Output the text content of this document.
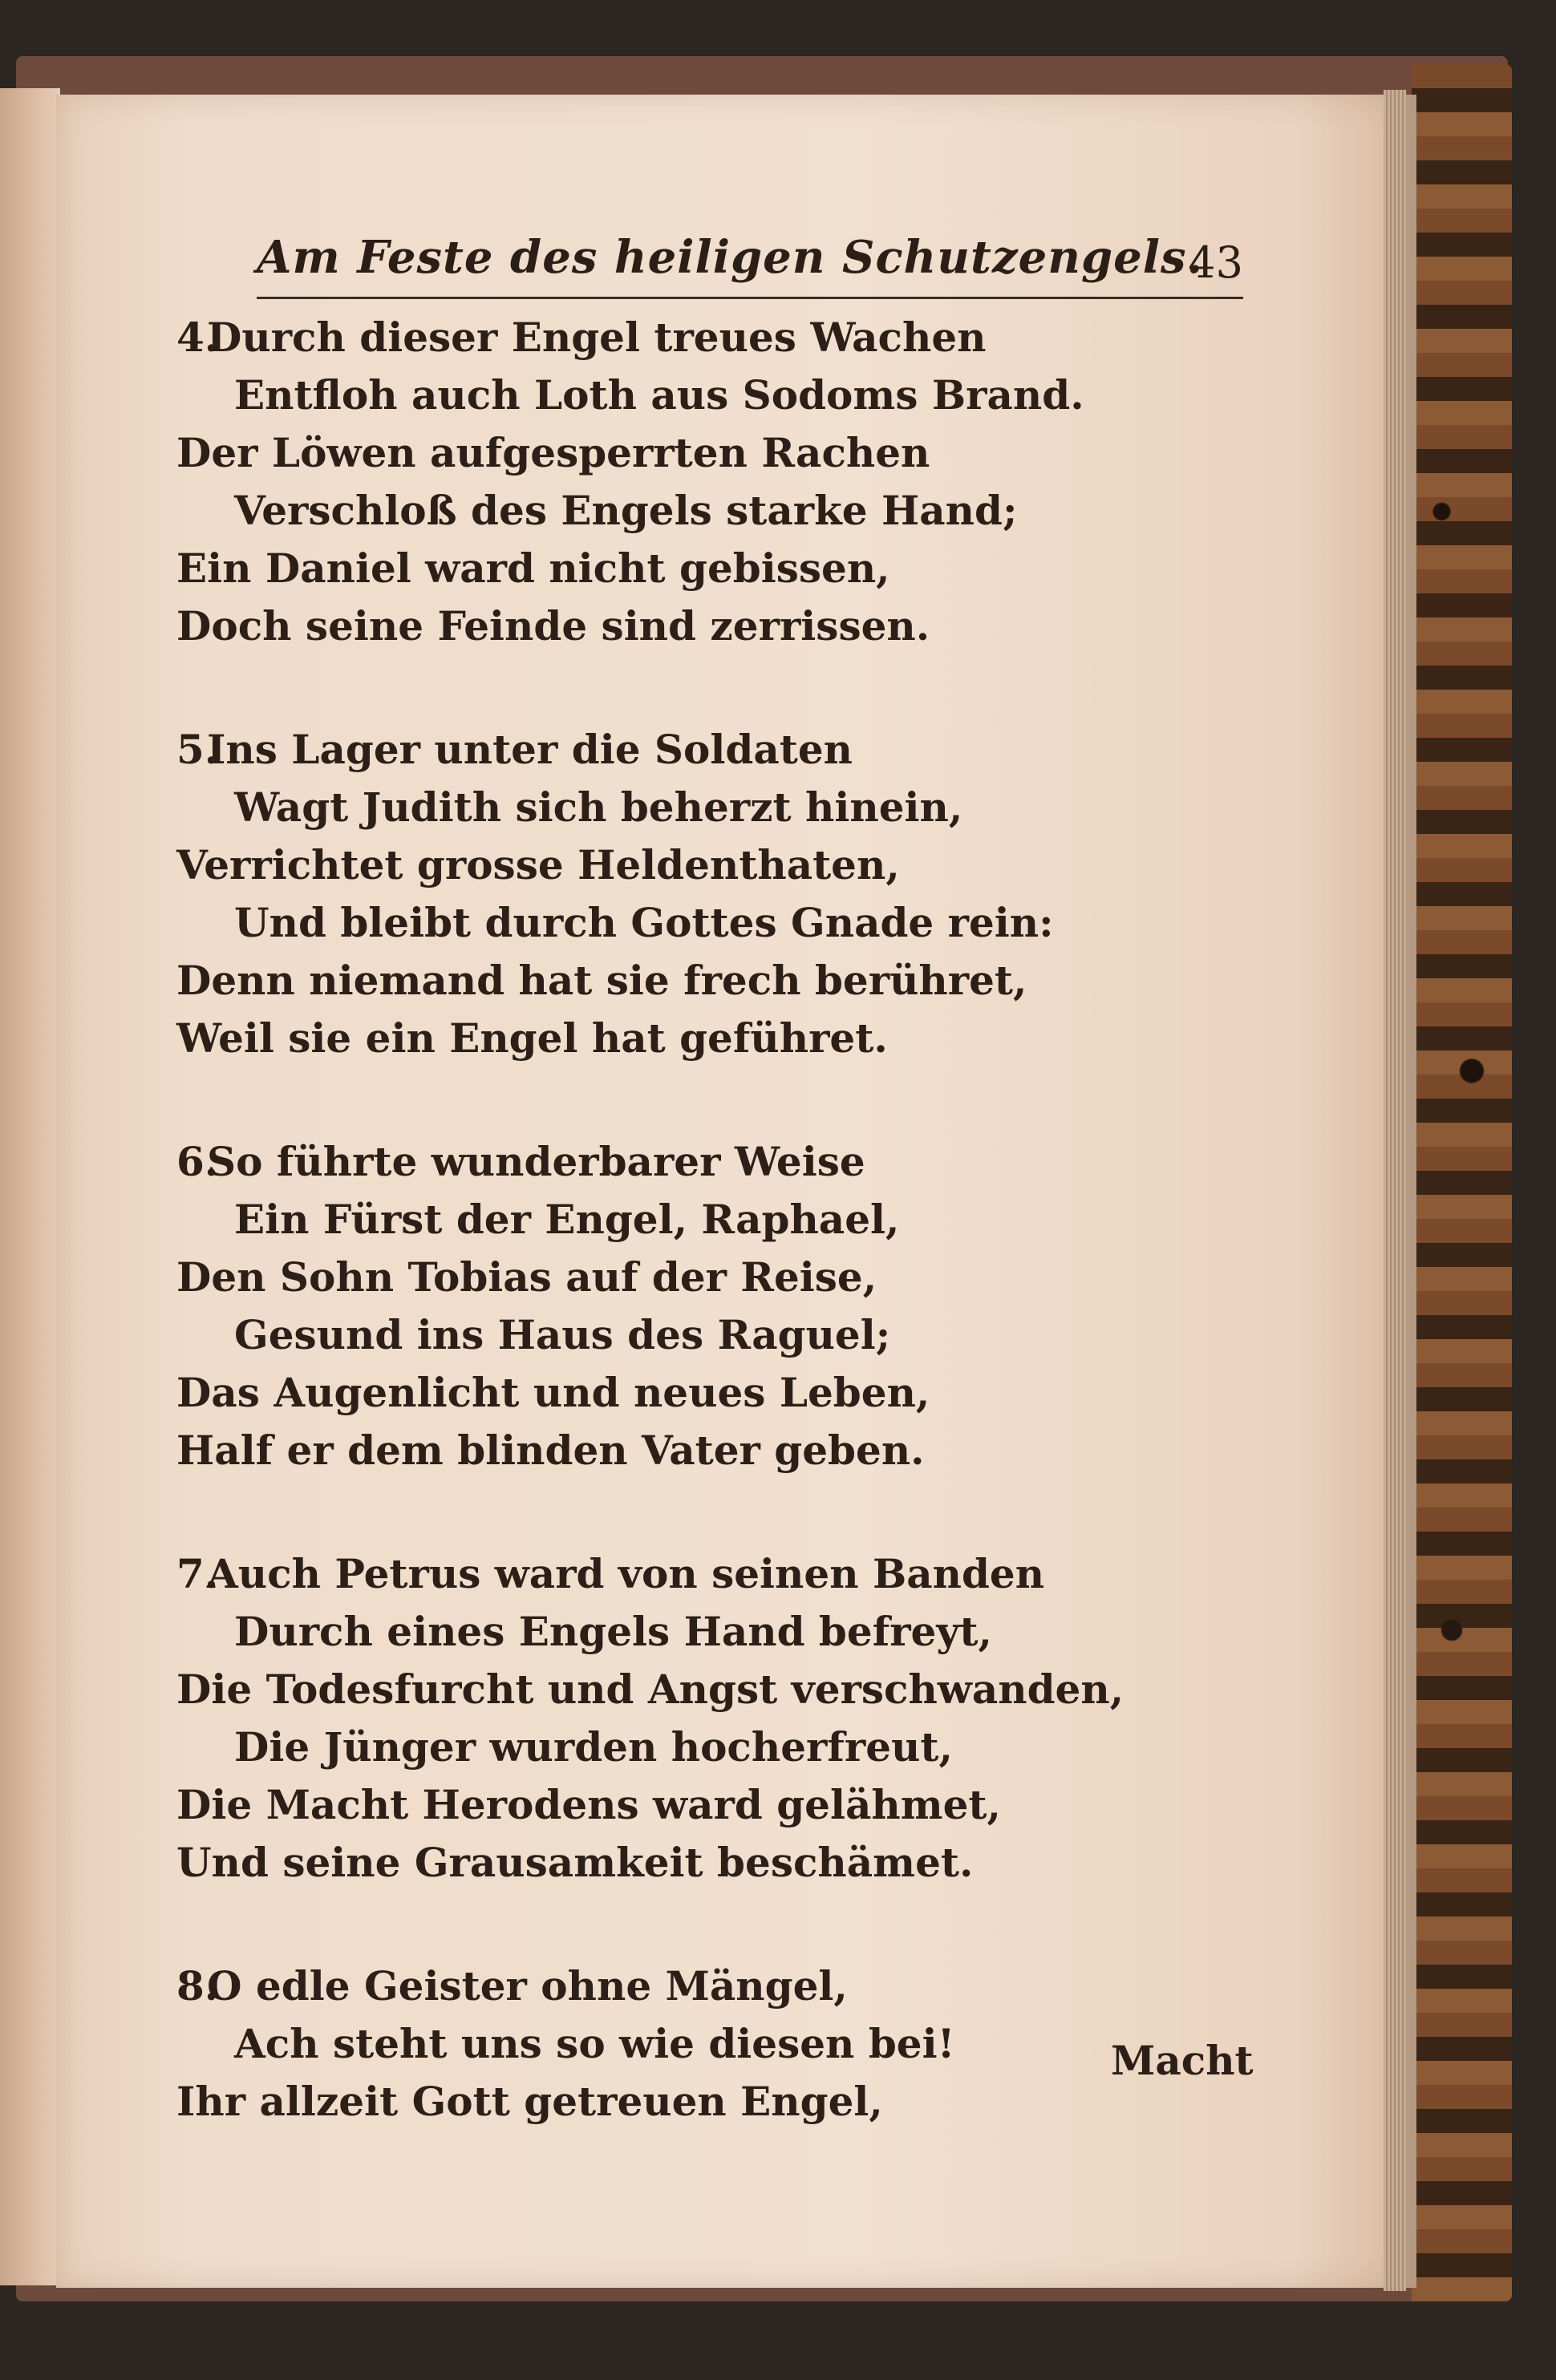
Am Feste des heiligen Schutzengels.
43
4.Durch dieser Engel treues Wachen
Entfloh auch Loth aus Sodoms Brand.
Der Löwen aufgesperrten Rachen
Verschloß des Engels starke Hand;
Ein Daniel ward nicht gebissen,
Doch seine Feinde sind zerrissen.
5.Ins Lager unter die Soldaten
Wagt Judith sich beherzt hinein,
Verrichtet grosse Heldenthaten,
Und bleibt durch Gottes Gnade rein:
Denn niemand hat sie frech berühret,
Weil sie ein Engel hat geführet.
6.So führte wunderbarer Weise
Ein Fürst der Engel, Raphael,
Den Sohn Tobias auf der Reise,
Gesund ins Haus des Raguel;
Das Augenlicht und neues Leben,
Half er dem blinden Vater geben.
7.Auch Petrus ward von seinen Banden
Durch eines Engels Hand befreyt,
Die Todesfurcht und Angst verschwanden,
Die Jünger wurden hocherfreut,
Die Macht Herodens ward gelähmet,
Und seine Grausamkeit beschämet.
8.O edle Geister ohne Mängel,
Ach steht uns so wie diesen bei!
Ihr allzeit Gott getreuen Engel,
Macht
